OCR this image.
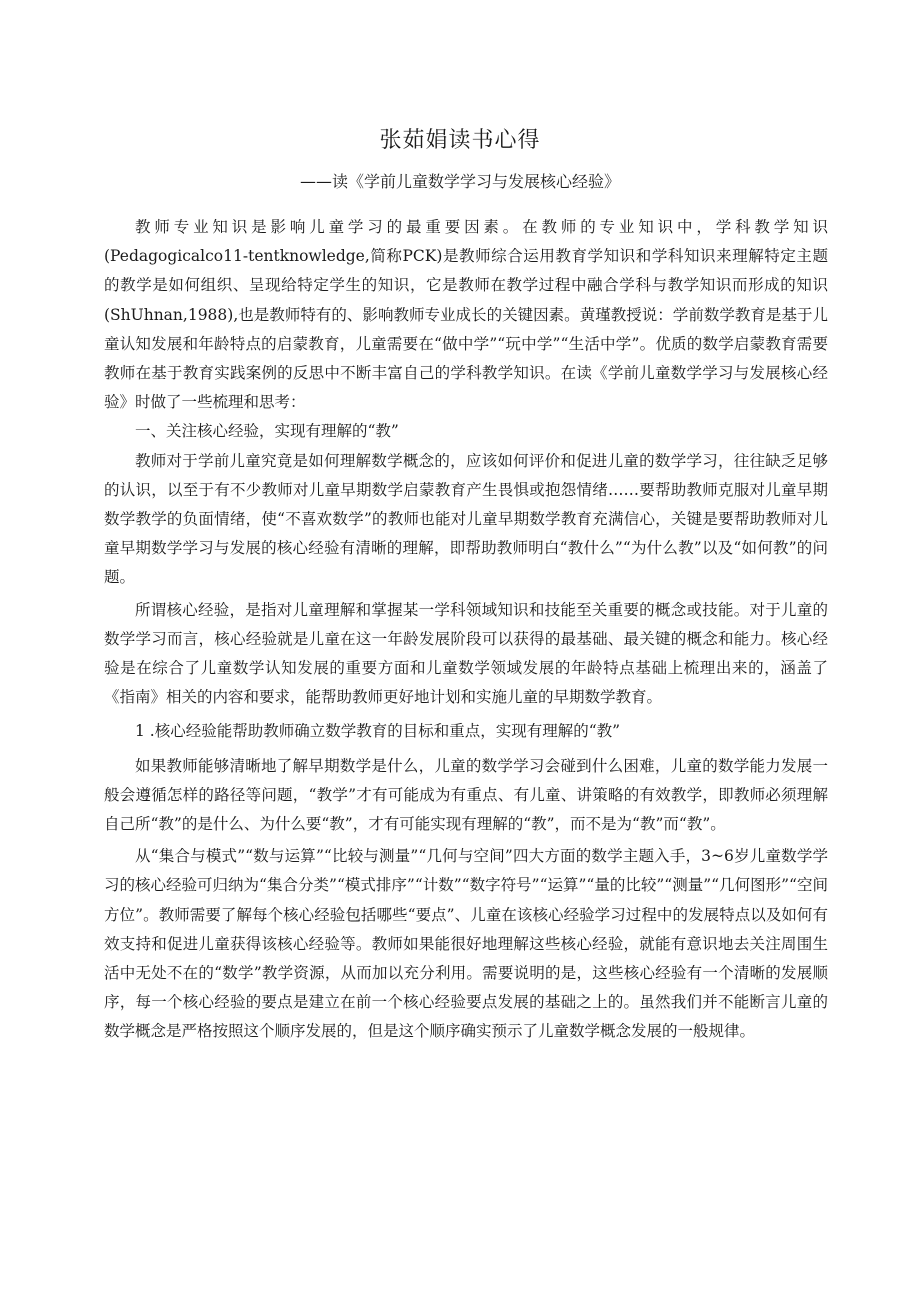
张茹娟读书心得
——读《学前儿童数学学习与发展核心经验》

教师专业知识是影响儿童学习的最重要因素。在教师的专业知识中，学科教学知识(Pedagogicalco11-tentknowledge,简称PCK)是教师综合运用教育学知识和学科知识来理解特定主题的教学是如何组织、呈现给特定学生的知识，它是教师在教学过程中融合学科与教学知识而形成的知识(ShUhnan,1988),也是教师特有的、影响教师专业成长的关键因素。黄瑾教授说：学前数学教育是基于儿童认知发展和年龄特点的启蒙教育，儿童需要在“做中学”“玩中学”“生活中学”。优质的数学启蒙教育需要教师在基于教育实践案例的反思中不断丰富自己的学科教学知识。在读《学前儿童数学学习与发展核心经验》时做了一些梳理和思考：

一、关注核心经验，实现有理解的“教”

教师对于学前儿童究竟是如何理解数学概念的，应该如何评价和促进儿童的数学学习，往往缺乏足够的认识，以至于有不少教师对儿童早期数学启蒙教育产生畏惧或抱怨情绪……要帮助教师克服对儿童早期数学教学的负面情绪，使“不喜欢数学”的教师也能对儿童早期数学教育充满信心，关键是要帮助教师对儿童早期数学学习与发展的核心经验有清晰的理解，即帮助教师明白“教什么”“为什么教”以及“如何教”的问题。

所谓核心经验，是指对儿童理解和掌握某一学科领域知识和技能至关重要的概念或技能。对于儿童的数学学习而言，核心经验就是儿童在这一年龄发展阶段可以获得的最基础、最关键的概念和能力。核心经验是在综合了儿童数学认知发展的重要方面和儿童数学领域发展的年龄特点基础上梳理出来的，涵盖了《指南》相关的内容和要求，能帮助教师更好地计划和实施儿童的早期数学教育。

1 .核心经验能帮助教师确立数学教育的目标和重点，实现有理解的“教”

如果教师能够清晰地了解早期数学是什么，儿童的数学学习会碰到什么困难，儿童的数学能力发展一般会遵循怎样的路径等问题，“教学”才有可能成为有重点、有儿童、讲策略的有效教学，即教师必须理解自己所“教”的是什么、为什么要“教”，才有可能实现有理解的“教”，而不是为“教”而“教”。

从“集合与模式”“数与运算”“比较与测量”“几何与空间”四大方面的数学主题入手，3~6岁儿童数学学习的核心经验可归纳为“集合分类”“模式排序”“计数”“数字符号”“运算”“量的比较”“测量”“几何图形”“空间方位”。教师需要了解每个核心经验包括哪些“要点”、儿童在该核心经验学习过程中的发展特点以及如何有效支持和促进儿童获得该核心经验等。教师如果能很好地理解这些核心经验，就能有意识地去关注周围生活中无处不在的“数学”教学资源，从而加以充分利用。需要说明的是，这些核心经验有一个清晰的发展顺序，每一个核心经验的要点是建立在前一个核心经验要点发展的基础之上的。虽然我们并不能断言儿童的数学概念是严格按照这个顺序发展的，但是这个顺序确实预示了儿童数学概念发展的一般规律。
